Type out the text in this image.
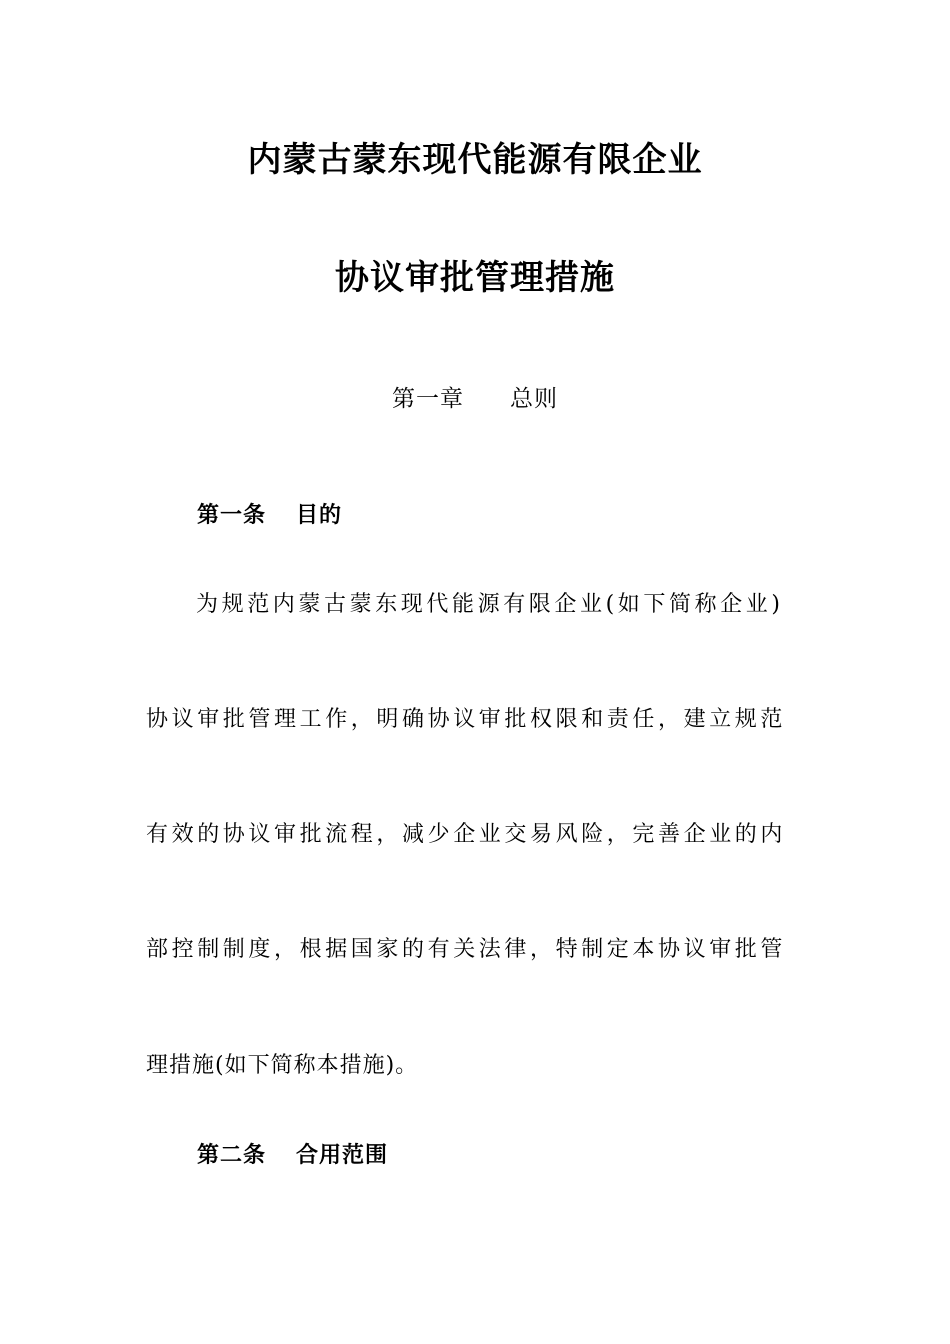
内蒙古蒙东现代能源有限企业
协议审批管理措施
第一章 总则
第一条 目的
为规范内蒙古蒙东现代能源有限企业(如下简称企业)
协议审批管理工作，明确协议审批权限和责任，建立规范
有效的协议审批流程，减少企业交易风险，完善企业的内
部控制制度，根据国家的有关法律，特制定本协议审批管
理措施(如下简称本措施)。
第二条 合用范围
